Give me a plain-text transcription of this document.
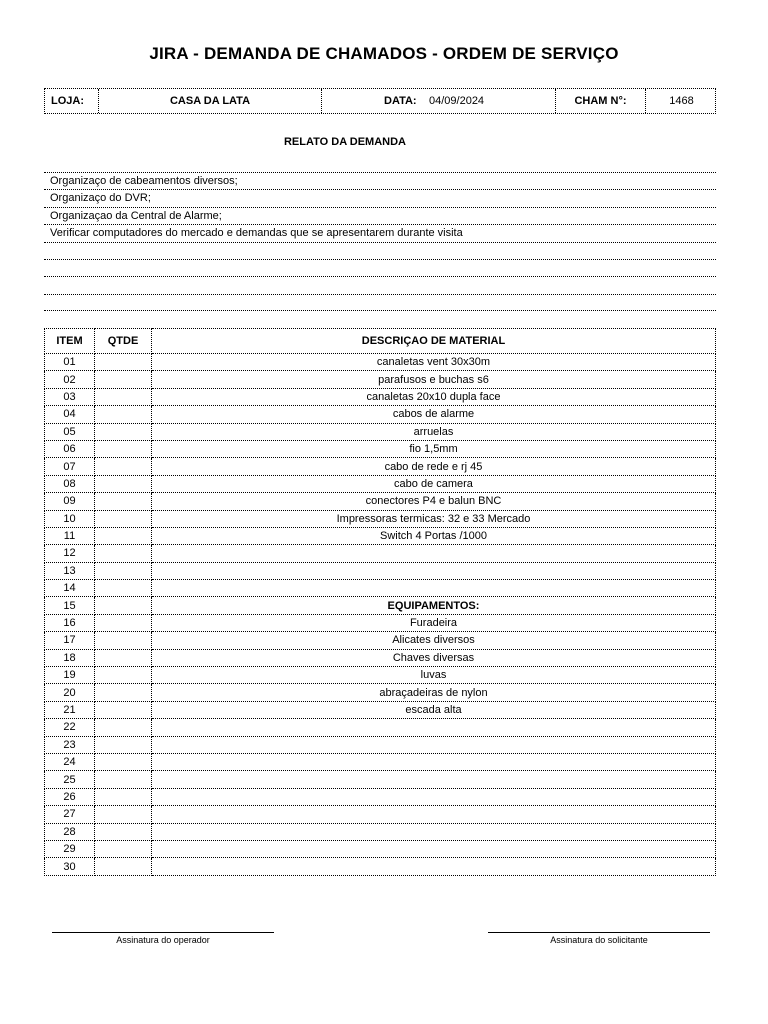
JIRA - DEMANDA DE CHAMADOS - ORDEM DE SERVIÇO
LOJA:	CASA DA LATA	DATA: 04/09/2024	CHAM N°:	1468
RELATO DA DEMANDA
Organizaço de cabeamentos diversos;
Organizaço do DVR;
Organizaçao da Central de Alarme;
Verificar computadores do mercado e demandas que se apresentarem durante visita
ITEM	QTDE	DESCRIÇAO DE MATERIAL
01		canaletas vent 30x30m
02		parafusos e buchas s6
03		canaletas 20x10 dupla face
04		cabos de alarme
05		arruelas
06		fio 1,5mm
07		cabo de rede e rj 45
08		cabo de camera
09		conectores P4 e balun BNC
10		Impressoras termicas: 32 e 33 Mercado
11		Switch 4 Portas /1000
12		
13		
14		
15		EQUIPAMENTOS:
16		Furadeira
17		Alicates diversos
18		Chaves diversas
19		luvas
20		abraçadeiras de nylon
21		escada alta
22		
23		
24		
25		
26		
27		
28		
29		
30		
Assinatura do operador	Assinatura do solicitante
